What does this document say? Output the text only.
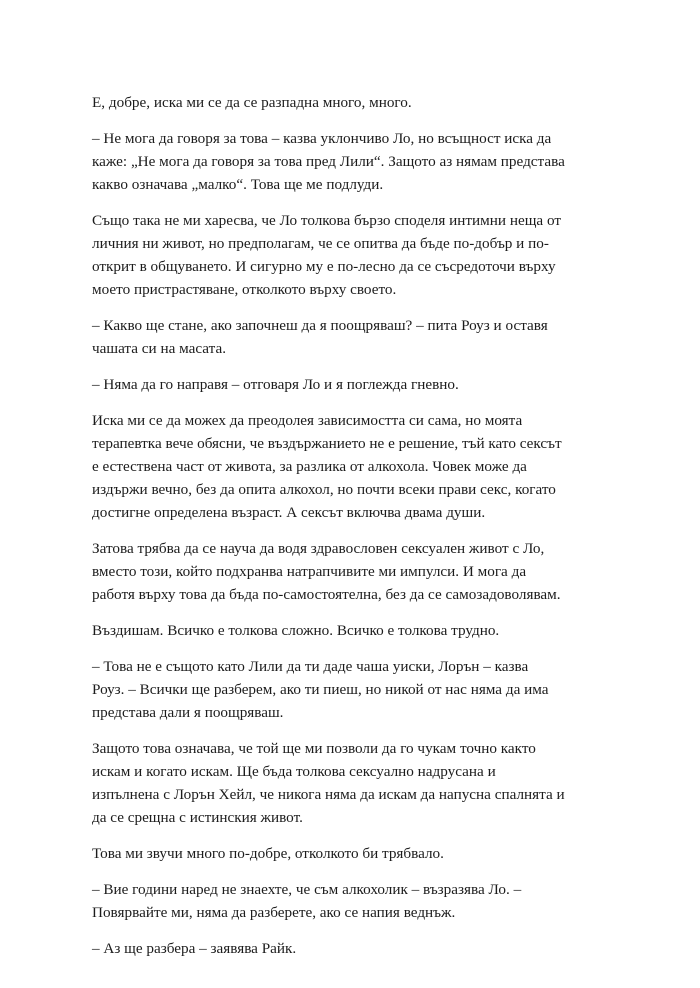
Е, добре, иска ми се да се разпадна много, много.

– Не мога да говоря за това – казва уклончиво Ло, но всъщност иска да
каже: „Не мога да говоря за това пред Лили“. Защото аз нямам представа
какво означава „малко“. Това ще ме подлуди.

Също така не ми харесва, че Ло толкова бързо споделя интимни неща от
личния ни живот, но предполагам, че се опитва да бъде по-добър и по-
открит в общуването. И сигурно му е по-лесно да се съсредоточи върху
моето пристрастяване, отколкото върху своето.

– Какво ще стане, ако започнеш да я поощряваш? – пита Роуз и оставя
чашата си на масата.

– Няма да го направя – отговаря Ло и я поглежда гневно.

Иска ми се да можех да преодолея зависимостта си сама, но моята
терапевтка вече обясни, че въздържанието не е решение, тъй като сексът
е естествена част от живота, за разлика от алкохола. Човек може да
издържи вечно, без да опита алкохол, но почти всеки прави секс, когато
достигне определена възраст. А сексът включва двама души.

Затова трябва да се науча да водя здравословен сексуален живот с Ло,
вместо този, който подхранва натрапчивите ми импулси. И мога да
работя върху това да бъда по-самостоятелна, без да се самозадоволявам.

Въздишам. Всичко е толкова сложно. Всичко е толкова трудно.

– Това не е същото като Лили да ти даде чаша уиски, Лорън – казва
Роуз. – Всички ще разберем, ако ти пиеш, но никой от нас няма да има
представа дали я поощряваш.

Защото това означава, че той ще ми позволи да го чукам точно както
искам и когато искам. Ще бъда толкова сексуално надрусана и
изпълнена с Лорън Хейл, че никога няма да искам да напусна спалнята и
да се срещна с истинския живот.

Това ми звучи много по-добре, отколкото би трябвало.

– Вие години наред не знаехте, че съм алкохолик – възразява Ло. –
Повярвайте ми, няма да разберете, ако се напия веднъж.

– Аз ще разбера – заявява Райк.
